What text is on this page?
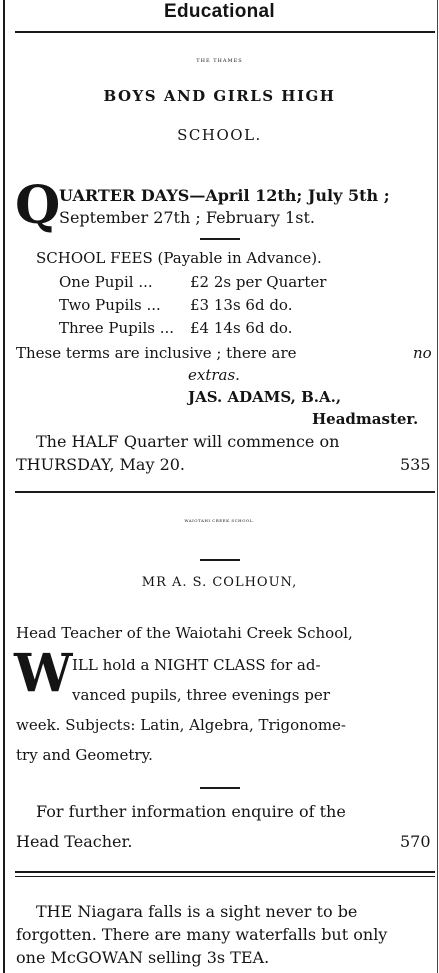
Educational
THE THAMES
BOYS AND GIRLS HIGH
SCHOOL.
Q
UARTER DAYS—April 12th; July 5th ;
September 27th ; February 1st.
SCHOOL FEES (Payable in Advance).
One Pupil ... £2 2s per Quarter
Two Pupils ... £3 13s 6d do.
Three Pupils ... £4 14s 6d do.
These terms are inclusive ; there are	no
extras.
JAS. ADAMS, B.A.,
Headmaster.
The HALF Quarter will commence on
THURSDAY, May 20.	535
WAIOTAHI CREEK SCHOOL.
MR A. S. COLHOUN,
Head Teacher of the Waiotahi Creek School,
W ILL hold a NIGHT CLASS for ad-
vanced pupils, three evenings per
week. Subjects: Latin, Algebra, Trigonome-
try and Geometry.
For further information enquire of the
Head Teacher.	570
THE Niagara falls is a sight never to be
forgotten. There are many waterfalls but only
one McGOWAN selling 3s TEA.
